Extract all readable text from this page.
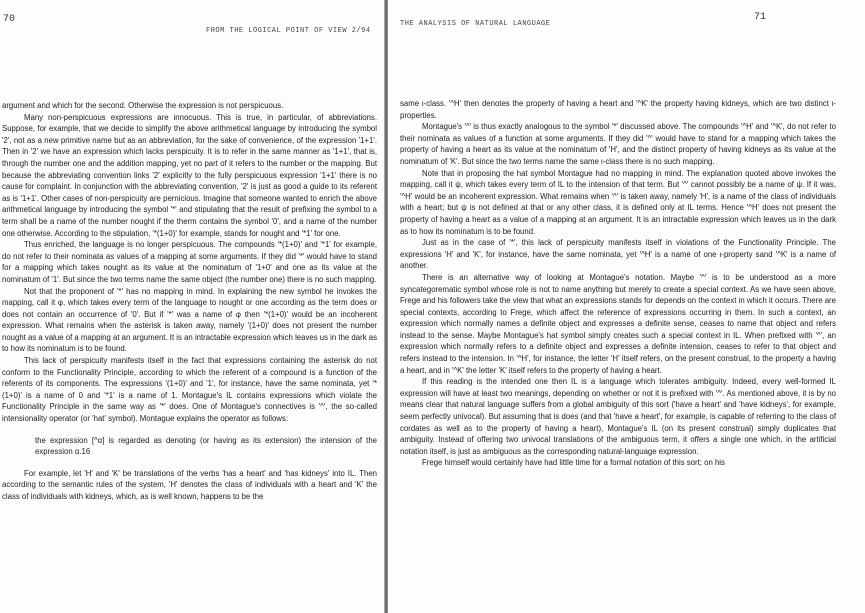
70
FROM THE LOGICAL POINT OF VIEW 2/94

argument and which for the second. Otherwise the expression is not perspicuous.

Many non-perspicuous expressions are innocuous. This is true, in particular, of abbreviations. Suppose, for example, that we decide to simplify the above arithmetical language by introducing the symbol '2', not as a new primitive name but as an abbreviation, for the sake of convenience, of the expression '1+1'. Then in '2' we have an expression which lacks perspicuity. It is to refer in the same manner as '1+1', that is, through the number one and the addition mapping, yet no part of it refers to the number or the mapping. But because the abbreviating convention links '2' explicitly to the fully perspicuous expression '1+1' there is no cause for complaint. In conjunction with the abbreviating convention, '2' is just as good a guide to its referent as is '1+1'. Other cases of non-perspicuity are pernicious. Imagine that someone wanted to enrich the above arithmetical language by introducing the symbol '*' and stipulating that the result of prefixing the symbol to a term shall be a name of the number nought if the therm contains the symbol '0', and a name of the number one otherwise. According to the stipulation, '*(1+0)' for example, stands for nought and '*1' for one.

Thus enriched, the language is no longer perspicuous. The compounds '*(1+0)' and '*1' for example, do not refer to their nominata as values of a mapping at some arguments. If they did '*' would have to stand for a mapping which takes nought as its value at the nominatum of '1+0' and one as its value at the nominatum of '1'. But since the two terms name the same object (the number one) there is no such mapping.

Not that the proponent of '*' has no mapping in mind. In explaining the new symbol he invokes the mapping, call it φ, which takes every term of the language to nought or one according as the term does or does not contain an occurrence of '0'. But if '*' was a name of φ then '*(1+0)' would be an incoherent expression. What remains when the asterisk is taken away, namely '(1+0)' does not present the number nought as a value of a mapping at an argument. It is an intractable expression which leaves us in the dark as to how its nominatum is to be found.

This lack of perspicuity manifests itself in the fact that expressions containing the asterisk do not conform to the Functionality Principle, according to which the referent of a compound is a function of the referents of its components. The expressions '(1+0)' and '1', for instance, have the same nominata, yet '*(1+0)' is a name of 0 and '*1' is a name of 1. Montague's IL contains expressions which violate the Functionality Principle in the same way as '*' does. One of Montague's connectives is '^', the so-called intensionality operator (or 'hat' symbol). Montague explains the operator as follows:

the expression [^α] is regarded as denoting (or having as its extension) the intension of the expression α.16

For example, let 'H' and 'K' be translations of the verbs 'has a heart' and 'has kidneys' into IL. Then according to the semantic rules of the system, 'H' denotes the class of individuals with a heart and 'K' the class of individuals with kidneys, which, as is well known, happens to be the

THE ANALYSIS OF NATURAL LANGUAGE
71

same ι-class. '^H' then denotes the property of having a heart and '^K' the property having kidneys, which are two distinct ι-properties.

Montague's '^' is thus exactly analogous to the symbol '*' discussed above. The compounds '^H' and '^K', do not refer to their nominata as values of a function at some arguments. If they did '^' would have to stand for a mapping which takes the property of having a heart as its value at the nominatum of 'H', and the distinct property of having kidneys as its value at the nominatum of 'K'. But since the two terms name the same ι-class there is no such mapping.

Note that in proposing the hat symbol Montague had no mapping in mind. The explanation quoted above invokes the mapping, call it ψ, which takes every term of IL to the intension of that term. But '^' cannot possibly be a name of ψ. If it was, '^H' would be an incoherent expression. What remains when '^' is taken away, namely 'H', is a name of the class of individuals with a heart; but ψ is not defined at that or any other class, it is defined only at IL terms. Hence '^H' does not present the property of having a heart as a value of a mapping at an argument. It is an intractable expression which leaves us in the dark as to how its nominatum is to be found.

Just as in the case of '*', this lack of perspicuity manifests itself in violations of the Functionality Principle. The expressions 'H' and 'K', for instance, have the same nominata, yet '^H' is a name of one ι-property sand '^K' is a name of another.

There is an alternative way of looking at Montague's notation. Maybe '^' is to be understood as a more syncategorematic symbol whose role is not to name anything but merely to create a special context. As we have seen above, Frege and his followers take the view that what an expressions stands for depends on the context in which it occurs. There are special contexts, according to Frege, which affect the reference of expressions occurring in them. In such a context, an expression which normally names a definite object and expresses a definite sense, ceases to name that object and refers instead to the sense. Maybe Montague's hat symbol simply creates such a special context in IL. When prefixed with '^', an expression which normally refers to a definite object and expresses a definite intension, ceases to refer to that object and refers instead to the intension. In '^H', for instance, the letter 'H' itself refers, on the present construal, to the property a having a heart, and in '^K' the letter 'K' itself refers to the property of having a heart.

If this reading is the intended one then IL is a language which tolerates ambiguity. Indeed, every well-formed IL expression will have at least two meanings, depending on whether or not it is prefixed with '^'. As mentioned above, it is by no means clear that natural language suffers from a global ambiguity of this sort ('have a heart' and 'have kidneys', for example, seem perfectly univocal). But assuming that is does (and that 'have a heart', for example, is capable of referring to the class of cordates as well as to the property of having a heart), Montague's IL (on its present construal) simply duplicates that ambiguity. Instead of offering two univocal translations of the ambiguous term, it offers a single one which, in the artificial notation itself, is just as ambiguous as the corresponding natural-language expression.

Frege himself would certainly have had little time for a formal notation of this sort; on his
